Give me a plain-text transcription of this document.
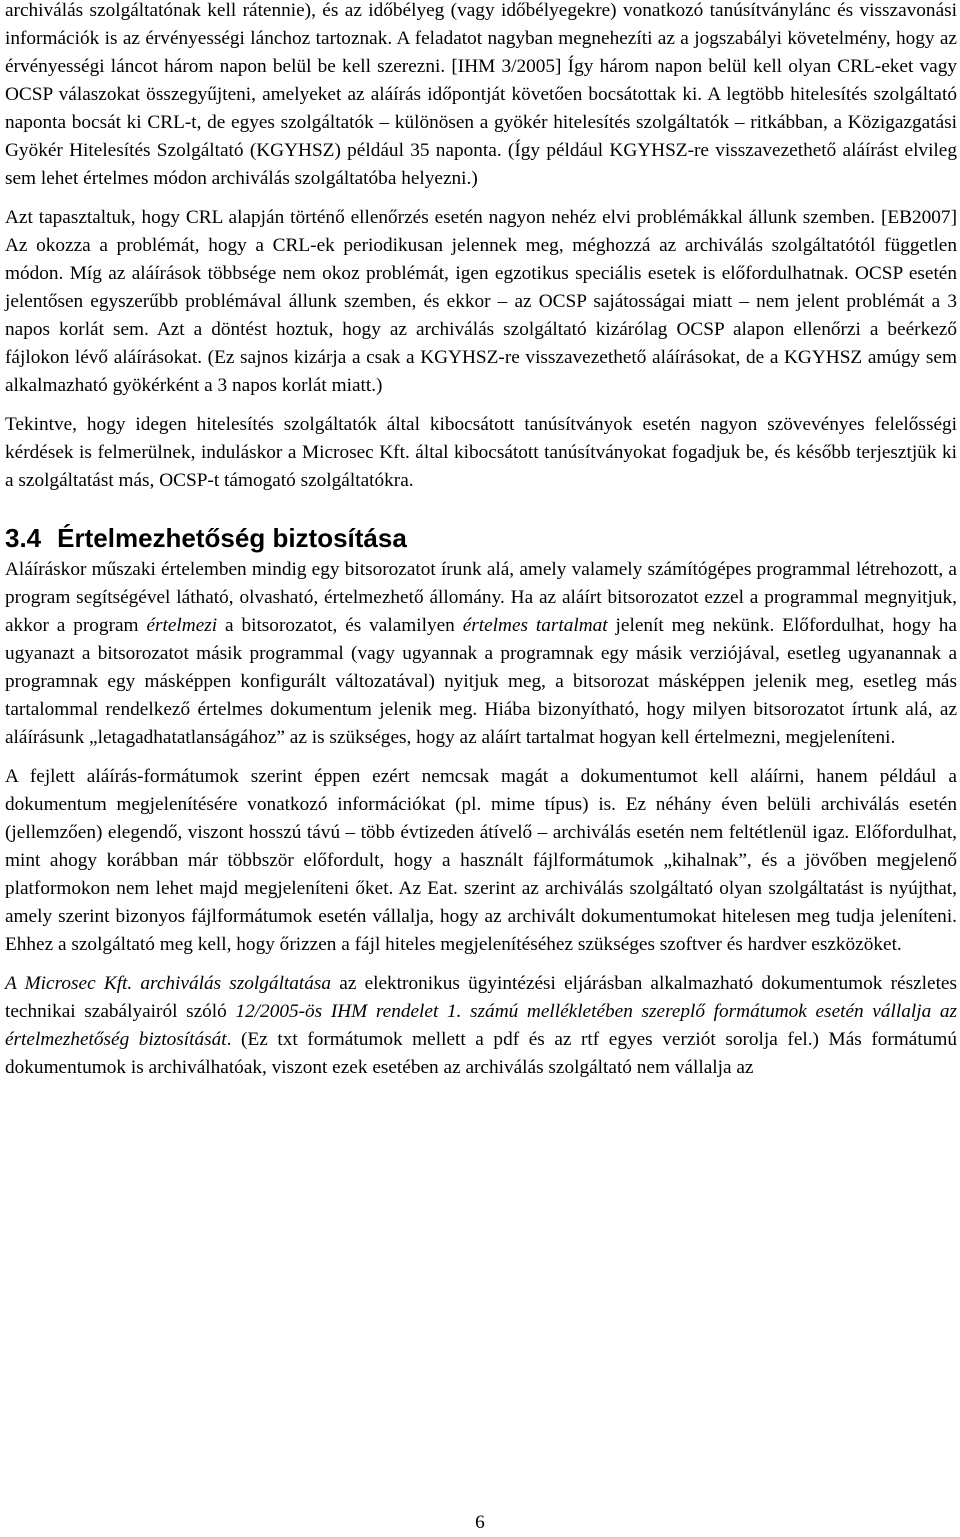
archiválás szolgáltatónak kell rátennie), és az időbélyeg (vagy időbélyegekre) vonatkozó tanúsítványlánc és visszavonási információk is az érvényességi lánchoz tartoznak. A feladatot nagyban megnehezíti az a jogszabályi követelmény, hogy az érvényességi láncot három napon belül be kell szerezni. [IHM 3/2005] Így három napon belül kell olyan CRL-eket vagy OCSP válaszokat összegyűjteni, amelyeket az aláírás időpontját követően bocsátottak ki. A legtöbb hitelesítés szolgáltató naponta bocsát ki CRL-t, de egyes szolgáltatók – különösen a gyökér hitelesítés szolgáltatók – ritkábban, a Közigazgatási Gyökér Hitelesítés Szolgáltató (KGYHSZ) például 35 naponta. (Így például KGYHSZ-re visszavezethető aláírást elvileg sem lehet értelmes módon archiválás szolgáltatóba helyezni.)

Azt tapasztaltuk, hogy CRL alapján történő ellenőrzés esetén nagyon nehéz elvi problémákkal állunk szemben. [EB2007] Az okozza a problémát, hogy a CRL-ek periodikusan jelennek meg, méghozzá az archiválás szolgáltatótól független módon. Míg az aláírások többsége nem okoz problémát, igen egzotikus speciális esetek is előfordulhatnak. OCSP esetén jelentősen egyszerűbb problémával állunk szemben, és ekkor – az OCSP sajátosságai miatt – nem jelent problémát a 3 napos korlát sem. Azt a döntést hoztuk, hogy az archiválás szolgáltató kizárólag OCSP alapon ellenőrzi a beérkező fájlokon lévő aláírásokat. (Ez sajnos kizárja a csak a KGYHSZ-re visszavezethető aláírásokat, de a KGYHSZ amúgy sem alkalmazható gyökérként a 3 napos korlát miatt.)

Tekintve, hogy idegen hitelesítés szolgáltatók által kibocsátott tanúsítványok esetén nagyon szövevényes felelősségi kérdések is felmerülnek, induláskor a Microsec Kft. által kibocsátott tanúsítványokat fogadjuk be, és később terjesztjük ki a szolgáltatást más, OCSP-t támogató szolgáltatókra.

3.4 Értelmezhetőség biztosítása

Aláíráskor műszaki értelemben mindig egy bitsorozatot írunk alá, amely valamely számítógépes programmal létrehozott, a program segítségével látható, olvasható, értelmezhető állomány. Ha az aláírt bitsorozatot ezzel a programmal megnyitjuk, akkor a program értelmezi a bitsorozatot, és valamilyen értelmes tartalmat jelenít meg nekünk. Előfordulhat, hogy ha ugyanazt a bitsorozatot másik programmal (vagy ugyannak a programnak egy másik verziójával, esetleg ugyanannak a programnak egy másképpen konfigurált változatával) nyitjuk meg, a bitsorozat másképpen jelenik meg, esetleg más tartalommal rendelkező értelmes dokumentum jelenik meg. Hiába bizonyítható, hogy milyen bitsorozatot írtunk alá, az aláírásunk „letagadhatatlanságához” az is szükséges, hogy az aláírt tartalmat hogyan kell értelmezni, megjeleníteni.

A fejlett aláírás-formátumok szerint éppen ezért nemcsak magát a dokumentumot kell aláírni, hanem például a dokumentum megjelenítésére vonatkozó információkat (pl. mime típus) is. Ez néhány éven belüli archiválás esetén (jellemzően) elegendő, viszont hosszú távú – több évtizeden átívelő – archiválás esetén nem feltétlenül igaz. Előfordulhat, mint ahogy korábban már többször előfordult, hogy a használt fájlformátumok „kihalnak”, és a jövőben megjelenő platformokon nem lehet majd megjeleníteni őket. Az Eat. szerint az archiválás szolgáltató olyan szolgáltatást is nyújthat, amely szerint bizonyos fájlformátumok esetén vállalja, hogy az archivált dokumentumokat hitelesen meg tudja jeleníteni. Ehhez a szolgáltató meg kell, hogy őrizzen a fájl hiteles megjelenítéséhez szükséges szoftver és hardver eszközöket.

A Microsec Kft. archiválás szolgáltatása az elektronikus ügyintézési eljárásban alkalmazható dokumentumok részletes technikai szabályairól szóló 12/2005-ös IHM rendelet 1. számú mellékletében szereplő formátumok esetén vállalja az értelmezhetőség biztosítását. (Ez txt formátumok mellett a pdf és az rtf egyes verziót sorolja fel.) Más formátumú dokumentumok is archiválhatóak, viszont ezek esetében az archiválás szolgáltató nem vállalja az

6
